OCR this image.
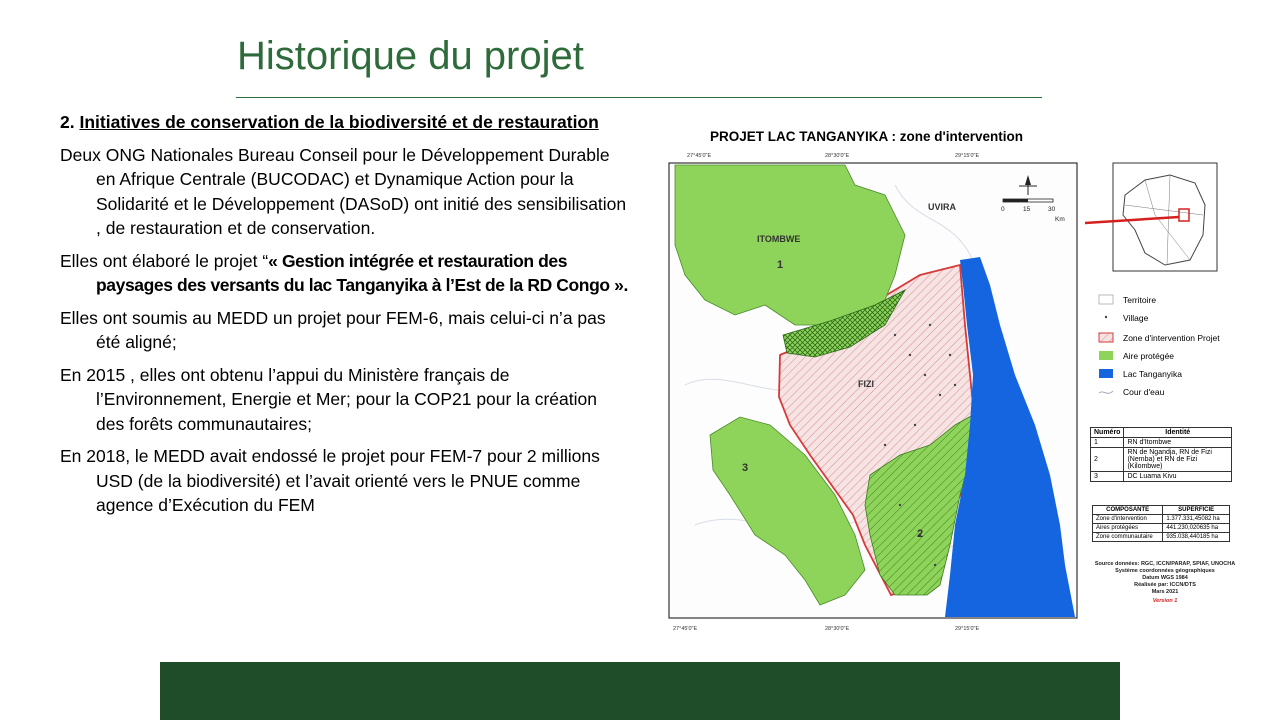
Historique du projet

2. Initiatives de conservation de la biodiversité et de restauration

Deux ONG Nationales Bureau Conseil pour le Développement Durable en Afrique Centrale (BUCODAC) et Dynamique Action pour la Solidarité et le Développement (DASoD) ont initié des sensibilisation , de restauration et de conservation.

Elles ont élaboré le projet “« Gestion intégrée et restauration des paysages des versants du lac Tanganyika à l’Est de la RD Congo ».

Elles ont soumis au MEDD un projet pour FEM-6, mais celui-ci n’a pas été aligné;

En 2015 , elles ont obtenu l’appui du Ministère français de l’Environnement, Energie et Mer; pour la COP21 pour la création des forêts communautaires;

En 2018, le MEDD avait endossé le projet pour FEM-7 pour 2 millions USD (de la biodiversité) et l’avait orienté vers le PNUE comme agence d’Exécution du FEM

PROJET LAC TANGANYIKA : zone d'intervention
27°45'0"E	28°30'0"E	29°15'0"E
27°45'0"E	28°30'0"E	29°15'0"E
ITOMBWE
UVIRA
FIZI
1
2
3
0	15	30
Km
Territoire
Village
Zone d'intervention Projet
Aire protégée
Lac Tanganyika
Cour d'eau
Source données: RGC, ICCN/PARAP, SPIAF, UNOCHA
Système coordonnées géographiques
Datum WGS 1984
Réalisée par: ICCN/DTS
Mars 2021
Version 1
Numéro	Identité
1	RN d'Itombwe
2	RN de Ngandja, RN de Fizi (Nemba) et RN de Fizi (Kilombwe)
3	DC Luama Kivu
COMPOSANTE	SUPERFICIE
Zone d'intervention	1.377.331,45082 ha
Aires protégées	441.230,020635 ha
Zone communautaire	935.038,440185 ha
